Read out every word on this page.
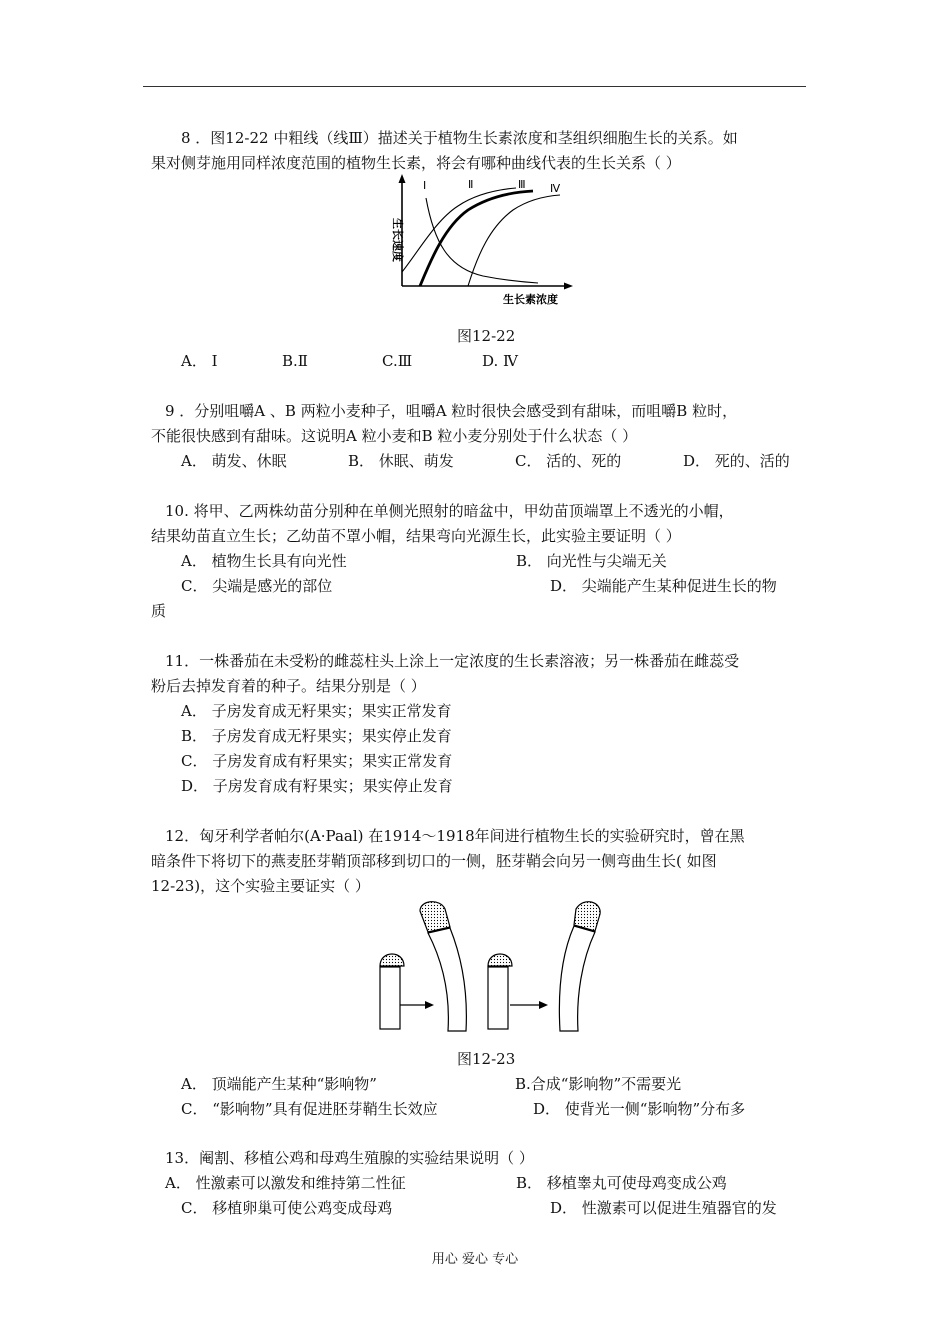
8 ．图12-22 中粗线（线Ⅲ）描述关于植物生长素浓度和茎组织细胞生长的关系。如
果对侧芽施用同样浓度范围的植物生长素，将会有哪种曲线代表的生长关系（ ）
Ⅰ	Ⅱ	Ⅲ Ⅳ
生长速度
生长素浓度
图12-22
A． Ⅰ	B.Ⅱ	C.Ⅲ	D. Ⅳ
9 ．分别咀嚼A 、B 两粒小麦种子，咀嚼A 粒时很快会感受到有甜味，而咀嚼B 粒时，
不能很快感到有甜味。这说明A 粒小麦和B 粒小麦分别处于什么状态（ ）
A． 萌发、休眠	B． 休眠、萌发	C． 活的、死的	D． 死的、活的
10. 将甲、乙两株幼苗分别种在单侧光照射的暗盆中，甲幼苗顶端罩上不透光的小帽，
结果幼苗直立生长；乙幼苗不罩小帽，结果弯向光源生长，此实验主要证明（ ）
A． 植物生长具有向光性	B． 向光性与尖端无关
C． 尖端是感光的部位	D． 尖端能产生某种促进生长的物
质
11．一株番茄在未受粉的雌蕊柱头上涂上一定浓度的生长素溶液；另一株番茄在雌蕊受
粉后去掉发育着的种子。结果分别是（ ）
A． 子房发育成无籽果实；果实正常发育
B． 子房发育成无籽果实；果实停止发育
C． 子房发育成有籽果实；果实正常发育
D． 子房发育成有籽果实；果实停止发育
12．匈牙利学者帕尔(A·Paal) 在1914～1918年间进行植物生长的实验研究时，曾在黑
暗条件下将切下的燕麦胚芽鞘顶部移到切口的一侧，胚芽鞘会向另一侧弯曲生长( 如图
12-23)，这个实验主要证实（ ）
图12-23
A． 顶端能产生某种“影响物”	B.合成“影响物”不需要光
C． “影响物”具有促进胚芽鞘生长效应	D． 使背光一侧“影响物”分布多
13．阉割、移植公鸡和母鸡生殖腺的实验结果说明（ ）
A． 性激素可以激发和维持第二性征	B． 移植睾丸可使母鸡变成公鸡
C． 移植卵巢可使公鸡变成母鸡	D． 性激素可以促进生殖器官的发
用心 爱心 专心
